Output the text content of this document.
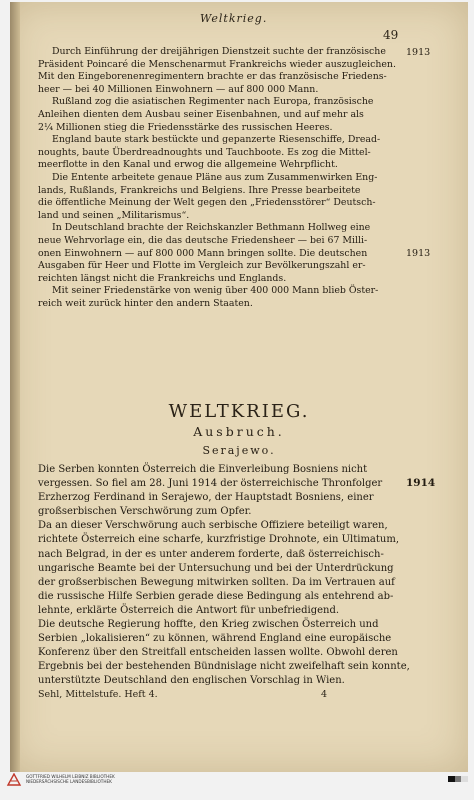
Weltkrieg.
49
Durch Einführung der dreijährigen Dienstzeit suchte der französische
Präsident Poincaré die Menschenarmut Frankreichs wieder auszugleichen.
Mit den Eingeborenenregimentern brachte er das französische Friedens-
heer — bei 40 Millionen Einwohnern — auf 800 000 Mann.
Rußland zog die asiatischen Regimenter nach Europa, französische
Anleihen dienten dem Ausbau seiner Eisenbahnen, und auf mehr als
2¼ Millionen stieg die Friedensstärke des russischen Heeres.
England baute stark bestückte und gepanzerte Riesenschiffe, Dread-
noughts, baute Überdreadnoughts und Tauchboote. Es zog die Mittel-
meerflotte in den Kanal und erwog die allgemeine Wehrpflicht.
Die Entente arbeitete genaue Pläne aus zum Zusammenwirken Eng-
lands, Rußlands, Frankreichs und Belgiens. Ihre Presse bearbeitete
die öffentliche Meinung der Welt gegen den „Friedensstörer“ Deutsch-
land und seinen „Militarismus“.
In Deutschland brachte der Reichskanzler Bethmann Hollweg eine
neue Wehrvorlage ein, die das deutsche Friedensheer — bei 67 Milli-
onen Einwohnern — auf 800 000 Mann bringen sollte. Die deutschen
Ausgaben für Heer und Flotte im Vergleich zur Bevölkerungszahl er-
reichten längst nicht die Frankreichs und Englands.
Mit seiner Friedenstärke von wenig über 400 000 Mann blieb Öster-
reich weit zurück hinter den andern Staaten.
1913
1913
WELTKRIEG.
Ausbruch.
Serajewo.
Die Serben konnten Österreich die Einverleibung Bosniens nicht
vergessen. So fiel am 28. Juni 1914 der österreichische Thronfolger
Erzherzog Ferdinand in Serajewo, der Hauptstadt Bosniens, einer
großserbischen Verschwörung zum Opfer.
Da an dieser Verschwörung auch serbische Offiziere beteiligt waren,
richtete Österreich eine scharfe, kurzfristige Drohnote, ein Ultimatum,
nach Belgrad, in der es unter anderem forderte, daß österreichisch-
ungarische Beamte bei der Untersuchung und bei der Unterdrückung
der großserbischen Bewegung mitwirken sollten. Da im Vertrauen auf
die russische Hilfe Serbien gerade diese Bedingung als entehrend ab-
lehnte, erklärte Österreich die Antwort für unbefriedigend.
Die deutsche Regierung hoffte, den Krieg zwischen Österreich und
Serbien „lokalisieren“ zu können, während England eine europäische
Konferenz über den Streitfall entscheiden lassen wollte. Obwohl deren
Ergebnis bei der bestehenden Bündnislage nicht zweifelhaft sein konnte,
unterstützte Deutschland den englischen Vorschlag in Wien.
1914
Sehl, Mittelstufe. Heft 4.	4
GOTTFRIED WILHELM LEIBNIZ BIBLIOTHEK
NIEDERSÄCHSISCHE LANDESBIBLIOTHEK
